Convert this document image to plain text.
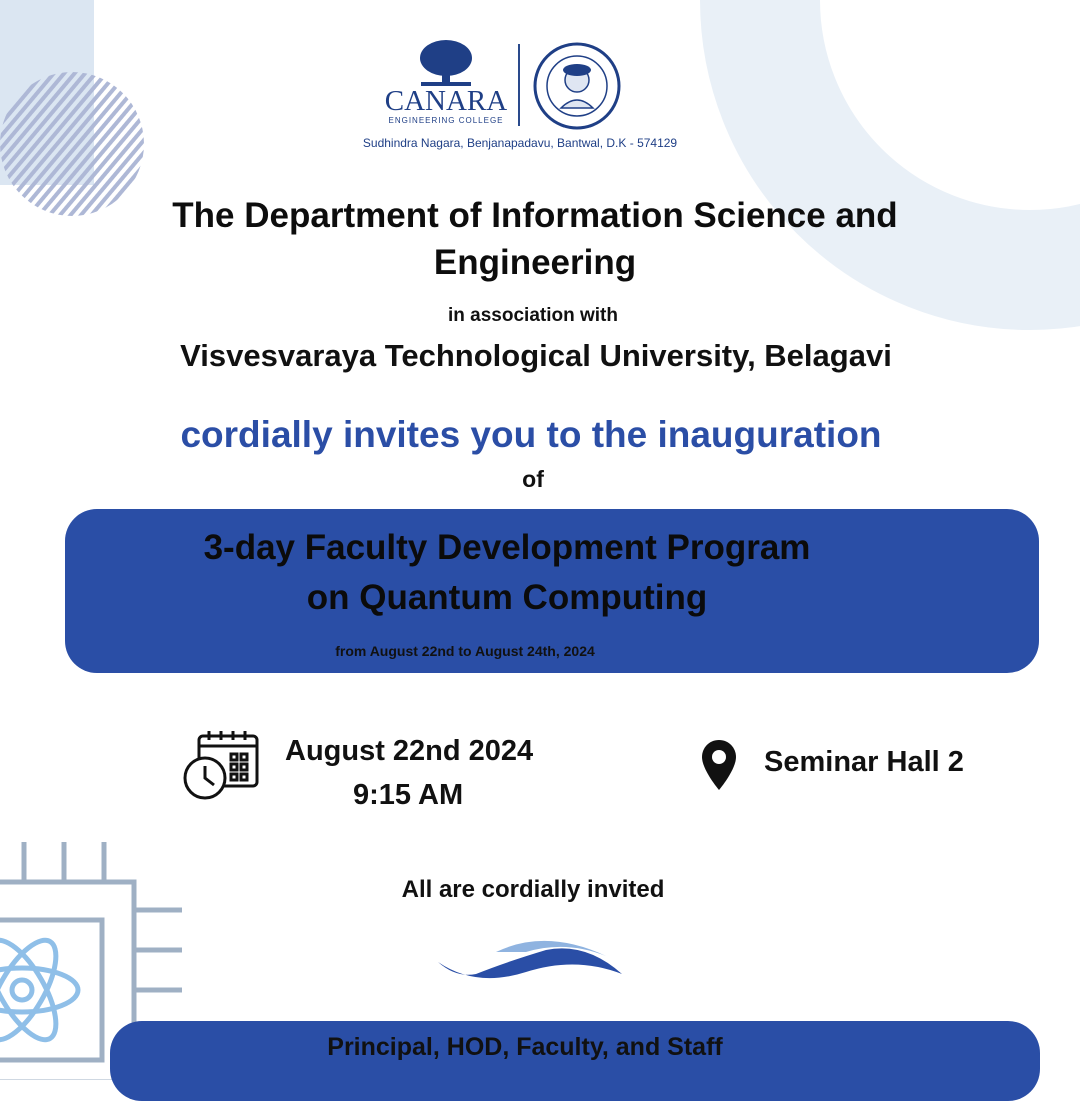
CANARA
ENGINEERING COLLEGE
Sudhindra Nagara, Benjanapadavu, Bantwal, D.K - 574129
The Department of Information Science and
Engineering
in association with
Visvesvaraya Technological University, Belagavi
cordially invites you to the inauguration
of
3-day Faculty Development Program
on Quantum Computing
from August 22nd to August 24th, 2024
August 22nd 2024
9:15 AM
Seminar Hall 2
All are cordially invited
Principal, HOD, Faculty, and Staff
